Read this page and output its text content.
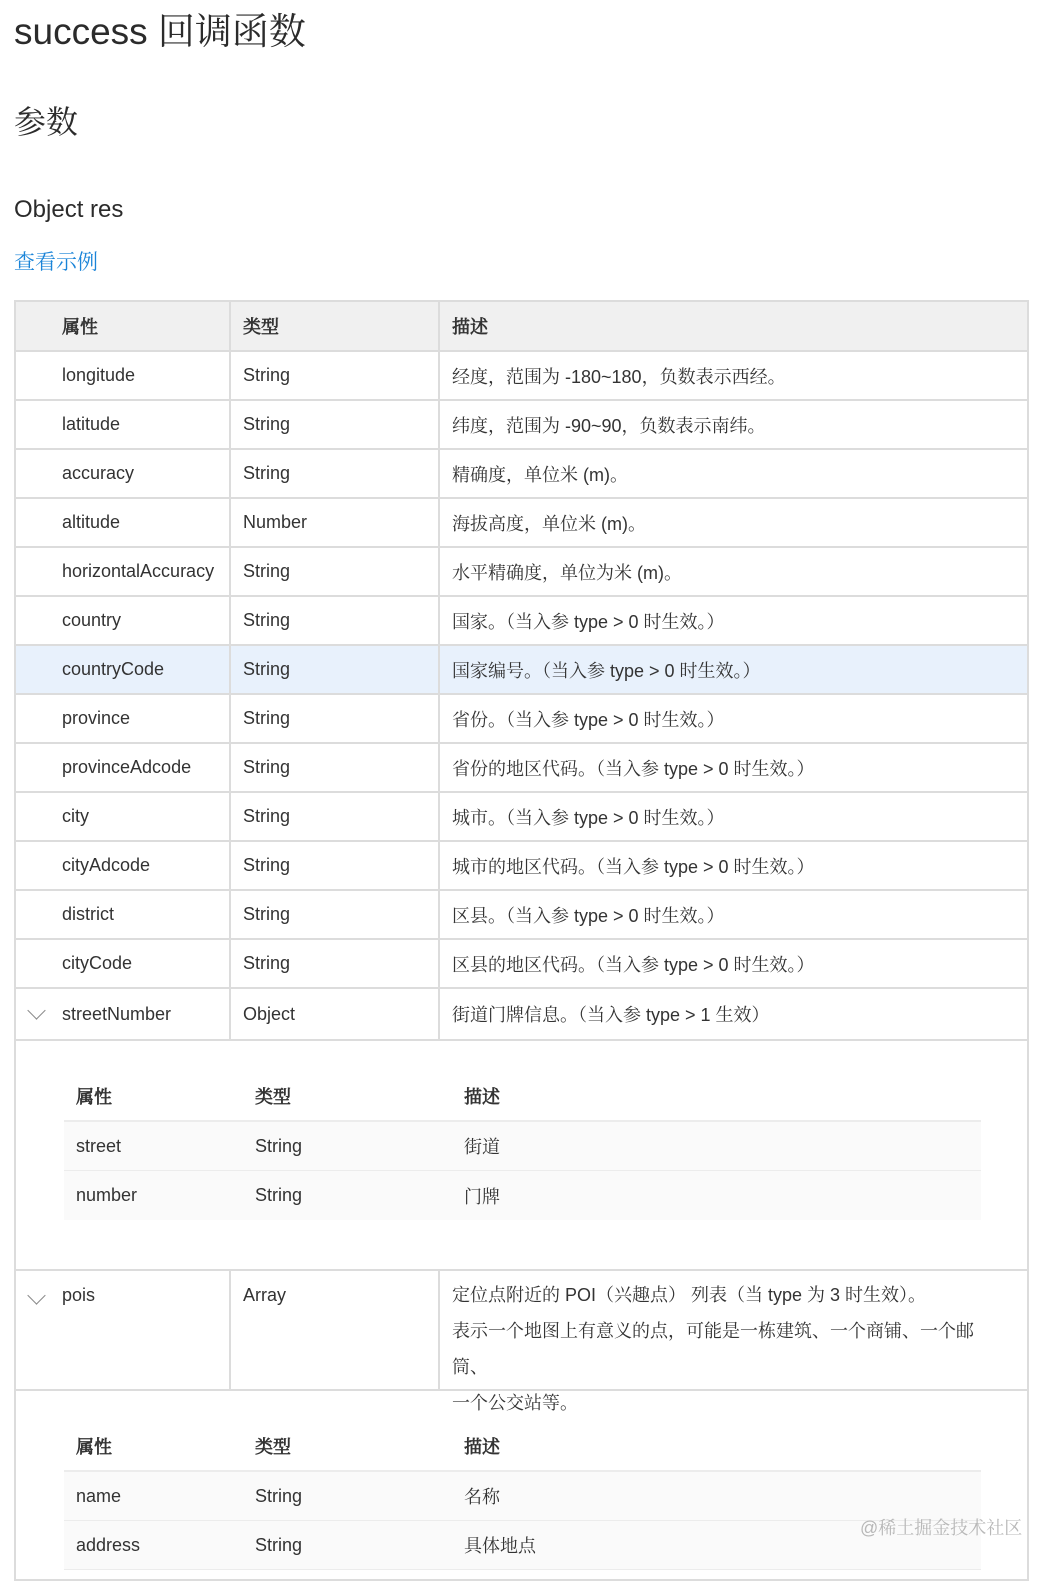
success 回调函数
参数
Object res
查看示例
属性	类型	描述
longitude	String	经度，范围为 -180~180，负数表示西经。
latitude	String	纬度，范围为 -90~90，负数表示南纬。
accuracy	String	精确度，单位米 (m)。
altitude	Number	海拔高度，单位米 (m)。
horizontalAccuracy	String	水平精确度，单位为米 (m)。
country	String	国家。（当入参 type > 0 时生效。）
countryCode	String	国家编号。（当入参 type > 0 时生效。）
province	String	省份。（当入参 type > 0 时生效。）
provinceAdcode	String	省份的地区代码。（当入参 type > 0 时生效。）
city	String	城市。（当入参 type > 0 时生效。）
cityAdcode	String	城市的地区代码。（当入参 type > 0 时生效。）
district	String	区县。（当入参 type > 0 时生效。）
cityCode	String	区县的地区代码。（当入参 type > 0 时生效。）
streetNumber	Object	街道门牌信息。（当入参 type > 1 生效）
属性	类型	描述
street	String	街道
number	String	门牌
pois	Array	定位点附近的 POI（兴趣点） 列表（当 type 为 3 时生效）。
表示一个地图上有意义的点，可能是一栋建筑、一个商铺、一个邮筒、
一个公交站等。
属性	类型	描述
name	String	名称
address	String	具体地点
@稀土掘金技术社区
